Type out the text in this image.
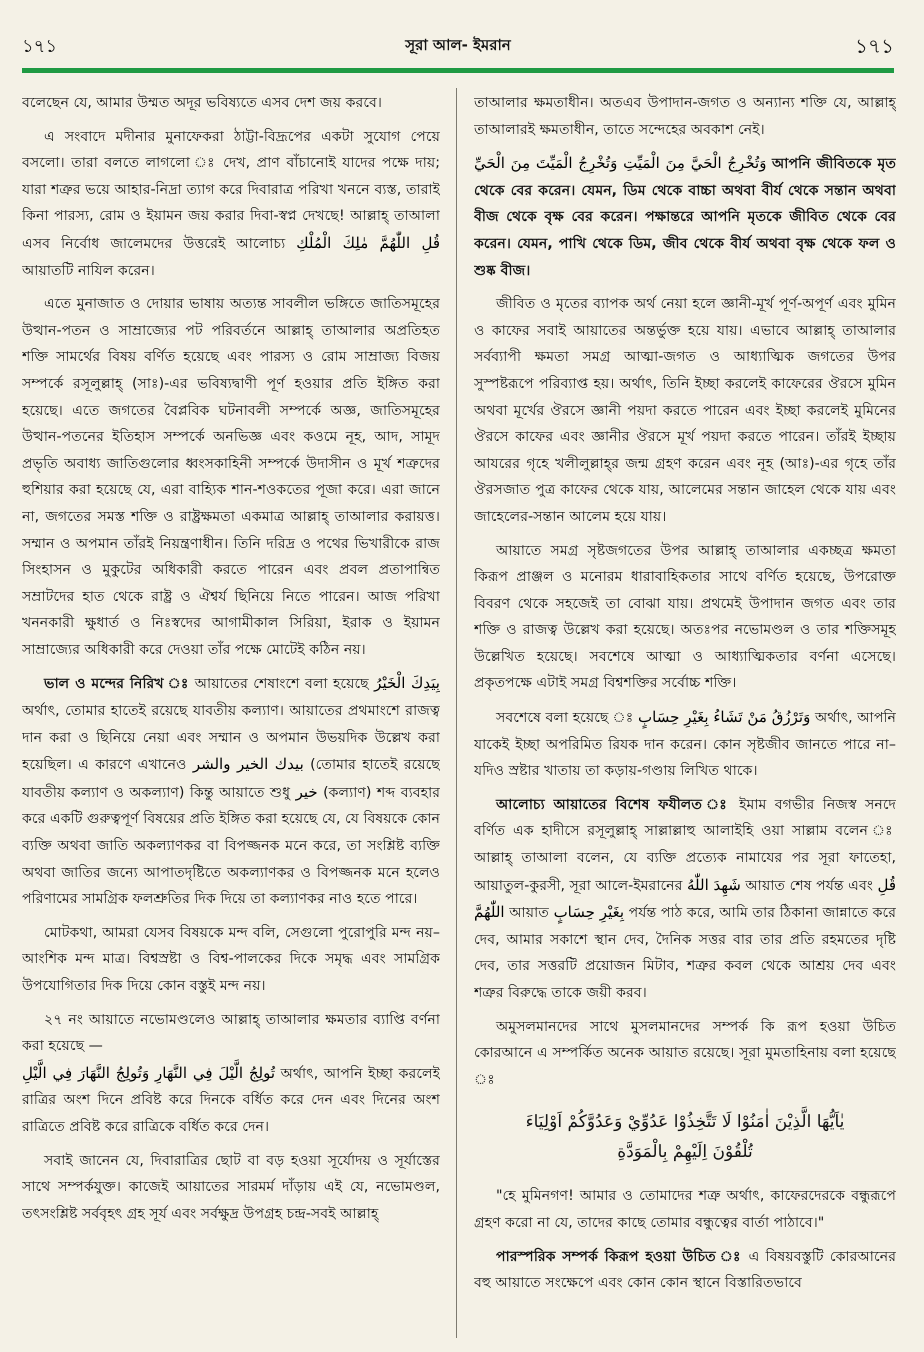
১৭১	সূরা আল- ইমরান	১৭১

বলেছেন যে, আমার উম্মত অদূর ভবিষ্যতে এসব দেশ জয় করবে।

এ সংবাদে মদীনার মুনাফেকরা ঠাট্টা-বিদ্রূপের একটা সুযোগ পেয়ে বসলো। তারা বলতে লাগলো ঃ দেখ, প্রাণ বাঁচানোই যাদের পক্ষে দায়; যারা শত্রুর ভয়ে আহার-নিদ্রা ত্যাগ করে দিবারাত্র পরিখা খননে ব্যস্ত, তারাই কিনা পারস্য, রোম ও ইয়ামন জয় করার দিবা-স্বপ্ন দেখছে! আল্লাহ্ তাআলা এসব নির্বোধ জালেমদের উত্তরেই আলোচ্য قُلِ اللّٰهُمَّ مٰلِكَ الْمُلْكِ আয়াতটি নাযিল করেন।

এতে মুনাজাত ও দোয়ার ভাষায় অত্যন্ত সাবলীল ভঙ্গিতে জাতিসমূহের উত্থান-পতন ও সাম্রাজ্যের পট পরিবর্তনে আল্লাহ্ তাআলার অপ্রতিহত শক্তি সামর্থের বিষয় বর্ণিত হয়েছে এবং পারস্য ও রোম সাম্রাজ্য বিজয় সম্পর্কে রসূলুল্লাহ্ (সাঃ)-এর ভবিষ্যদ্বাণী পূর্ণ হওয়ার প্রতি ইঙ্গিত করা হয়েছে। এতে জগতের বৈপ্লবিক ঘটনাবলী সম্পর্কে অজ্ঞ, জাতিসমূহের উত্থান-পতনের ইতিহাস সম্পর্কে অনভিজ্ঞ এবং কওমে নূহ, আদ, সামূদ প্রভৃতি অবাধ্য জাতিগুলোর ধ্বংসকাহিনী সম্পর্কে উদাসীন ও মূর্খ শত্রুদের হুশিয়ার করা হয়েছে যে, এরা বাহ্যিক শান-শওকতের পূজা করে। এরা জানে না, জগতের সমস্ত শক্তি ও রাষ্ট্রক্ষমতা একমাত্র আল্লাহ্ তাআলার করায়ত্ত। সম্মান ও অপমান তাঁরই নিয়ন্ত্রণাধীন। তিনি দরিদ্র ও পথের ভিখারীকে রাজ সিংহাসন ও মুকুটের অধিকারী করতে পারেন এবং প্রবল প্রতাপান্বিত সম্রাটদের হাত থেকে রাষ্ট্র ও ঐশ্বর্য ছিনিয়ে নিতে পারেন। আজ পরিখা খননকারী ক্ষুধার্ত ও নিঃস্বদের আগামীকাল সিরিয়া, ইরাক ও ইয়ামন সাম্রাজ্যের অধিকারী করে দেওয়া তাঁর পক্ষে মোটেই কঠিন নয়।

ভাল ও মন্দের নিরিখ ঃ আয়াতের শেষাংশে বলা হয়েছে بِيَدِكَ الْخَيْرُ অর্থাৎ, তোমার হাতেই রয়েছে যাবতীয় কল্যাণ। আয়াতের প্রথমাংশে রাজত্ব দান করা ও ছিনিয়ে নেয়া এবং সম্মান ও অপমান উভয়দিক উল্লেখ করা হয়েছিল। এ কারণে এখানেও بيدك الخير والشر (তোমার হাতেই রয়েছে যাবতীয় কল্যাণ ও অকল্যাণ) কিন্তু আয়াতে শুধু خير (কল্যাণ) শব্দ ব্যবহার করে একটি গুরুত্বপূর্ণ বিষয়ের প্রতি ইঙ্গিত করা হয়েছে যে, যে বিষয়কে কোন ব্যক্তি অথবা জাতি অকল্যাণকর বা বিপজ্জনক মনে করে, তা সংশ্লিষ্ট ব্যক্তি অথবা জাতির জন্যে আপাতদৃষ্টিতে অকল্যাণকর ও বিপজ্জনক মনে হলেও পরিণামের সামগ্রিক ফলশ্রুতির দিক দিয়ে তা কল্যাণকর নাও হতে পারে।

মোটকথা, আমরা যেসব বিষয়কে মন্দ বলি, সেগুলো পুরোপুরি মন্দ নয়– আংশিক মন্দ মাত্র। বিশ্বস্রষ্টা ও বিশ্ব-পালকের দিকে সমৃদ্ধ এবং সামগ্রিক উপযোগিতার দিক দিয়ে কোন বস্তুই মন্দ নয়।

২৭ নং আয়াতে নভোমণ্ডলেও আল্লাহ্ তাআলার ক্ষমতার ব্যাপ্তি বর্ণনা করা হয়েছে —
تُولِجُ الَّيْلَ فِي النَّهَارِ وَتُولِجُ النَّهَارَ فِي الَّيْلِ অর্থাৎ, আপনি ইচ্ছা করলেই রাত্রির অংশ দিনে প্রবিষ্ট করে দিনকে বর্ধিত করে দেন এবং দিনের অংশ রাত্রিতে প্রবিষ্ট করে রাত্রিকে বর্ধিত করে দেন।

সবাই জানেন যে, দিবারাত্রির ছোট বা বড় হওয়া সূর্যোদয় ও সূর্যাস্তের সাথে সম্পর্কযুক্ত। কাজেই আয়াতের সারমর্ম দাঁড়ায় এই যে, নভোমণ্ডল, তৎসংশ্লিষ্ট সর্ববৃহৎ গ্রহ সূর্য এবং সর্বক্ষুদ্র উপগ্রহ চন্দ্র-সবই আল্লাহ্

তাআলার ক্ষমতাধীন। অতএব উপাদান-জগত ও অন্যান্য শক্তি যে, আল্লাহ্ তাআলারই ক্ষমতাধীন, তাতে সন্দেহের অবকাশ নেই।

وَتُخْرِجُ الْحَيَّ مِنَ الْمَيِّتِ وَتُخْرِجُ الْمَيِّتَ مِنَ الْحَيِّ আপনি জীবিতকে মৃত থেকে বের করেন। যেমন, ডিম থেকে বাচ্চা অথবা বীর্য থেকে সন্তান অথবা বীজ থেকে বৃক্ষ বের করেন। পক্ষান্তরে আপনি মৃতকে জীবিত থেকে বের করেন। যেমন, পাখি থেকে ডিম, জীব থেকে বীর্য অথবা বৃক্ষ থেকে ফল ও শুষ্ক বীজ।

জীবিত ও মৃতের ব্যাপক অর্থ নেয়া হলে জ্ঞানী-মূর্খ পূর্ণ-অপূর্ণ এবং মুমিন ও কাফের সবাই আয়াতের অন্তর্ভুক্ত হয়ে যায়। এভাবে আল্লাহ্ তাআলার সর্বব্যাপী ক্ষমতা সমগ্র আত্মা-জগত ও আধ্যাত্মিক জগতের উপর সুস্পষ্টরূপে পরিব্যাপ্ত হয়। অর্থাৎ, তিনি ইচ্ছা করলেই কাফেরের ঔরসে মুমিন অথবা মূর্খের ঔরসে জ্ঞানী পয়দা করতে পারেন এবং ইচ্ছা করলেই মুমিনের ঔরসে কাফের এবং জ্ঞানীর ঔরসে মূর্খ পয়দা করতে পারেন। তাঁরই ইচ্ছায় আযরের গৃহে খলীলুল্লাহ্‌র জন্ম গ্রহণ করেন এবং নূহ (আঃ)-এর গৃহে তাঁর ঔরসজাত পুত্র কাফের থেকে যায়, আলেমের সন্তান জাহেল থেকে যায় এবং জাহেলের-সন্তান আলেম হয়ে যায়।

আয়াতে সমগ্র সৃষ্টজগতের উপর আল্লাহ্ তাআলার একচ্ছত্র ক্ষমতা কিরূপ প্রাঞ্জল ও মনোরম ধারাবাহিকতার সাথে বর্ণিত হয়েছে, উপরোক্ত বিবরণ থেকে সহজেই তা বোঝা যায়। প্রথমেই উপাদান জগত এবং তার শক্তি ও রাজত্ব উল্লেখ করা হয়েছে। অতঃপর নভোমণ্ডল ও তার শক্তিসমূহ উল্লেখিত হয়েছে। সবশেষে আত্মা ও আধ্যাত্মিকতার বর্ণনা এসেছে। প্রকৃতপক্ষে এটাই সমগ্র বিশ্বশক্তির সর্বোচ্চ শক্তি।

সবশেষে বলা হয়েছে ঃ وَتَرْزُقُ مَنْ تَشَاءُ بِغَيْرِ حِسَابٍ অর্থাৎ, আপনি যাকেই ইচ্ছা অপরিমিত রিযক দান করেন। কোন সৃষ্টজীব জানতে পারে না– যদিও স্রষ্টার খাতায় তা কড়ায়-গণ্ডায় লিখিত থাকে।

আলোচ্য আয়াতের বিশেষ ফযীলত ঃ ইমাম বগভীর নিজস্ব সনদে বর্ণিত এক হাদীসে রসূলুল্লাহ্ সাল্লাল্লাহু আলাইহি ওয়া সাল্লাম বলেন ঃ আল্লাহ্ তাআলা বলেন, যে ব্যক্তি প্রত্যেক নামাযের পর সূরা ফাতেহা, আয়াতুল-কুরসী, সূরা আলে-ইমরানের شَهِدَ اللّٰهُ আয়াত শেষ পর্যন্ত এবং قُلِ اللّٰهُمَّ আয়াত بِغَيْرِ حِسَابٍ পর্যন্ত পাঠ করে, আমি তার ঠিকানা জান্নাতে করে দেব, আমার সকাশে স্থান দেব, দৈনিক সত্তর বার তার প্রতি রহমতের দৃষ্টি দেব, তার সত্তরটি প্রয়োজন মিটাব, শত্রুর কবল থেকে আশ্রয় দেব এবং শত্রুর বিরুদ্ধে তাকে জয়ী করব।

অমুসলমানদের সাথে মুসলমানদের সম্পর্ক কি রূপ হওয়া উচিত কোরআনে এ সম্পর্কিত অনেক আয়াত রয়েছে। সূরা মুমতাহিনায় বলা হয়েছে ঃ

يٰاَيُّهَا الَّذِيْنَ اٰمَنُوْا لَا تَتَّخِذُوْا عَدُوِّيْ وَعَدُوَّكُمْ اَوْلِيَاءَ
تُلْقُوْنَ اِلَيْهِمْ بِالْمَوَدَّةِ

"হে মুমিনগণ! আমার ও তোমাদের শত্রু অর্থাৎ, কাফেরদেরকে বন্ধুরূপে গ্রহণ করো না যে, তাদের কাছে তোমার বন্ধুত্বের বার্তা পাঠাবে।"

পারস্পরিক সম্পর্ক কিরূপ হওয়া উচিত ঃ এ বিষয়বস্তুটি কোরআনের বহু আয়াতে সংক্ষেপে এবং কোন কোন স্থানে বিস্তারিতভাবে
